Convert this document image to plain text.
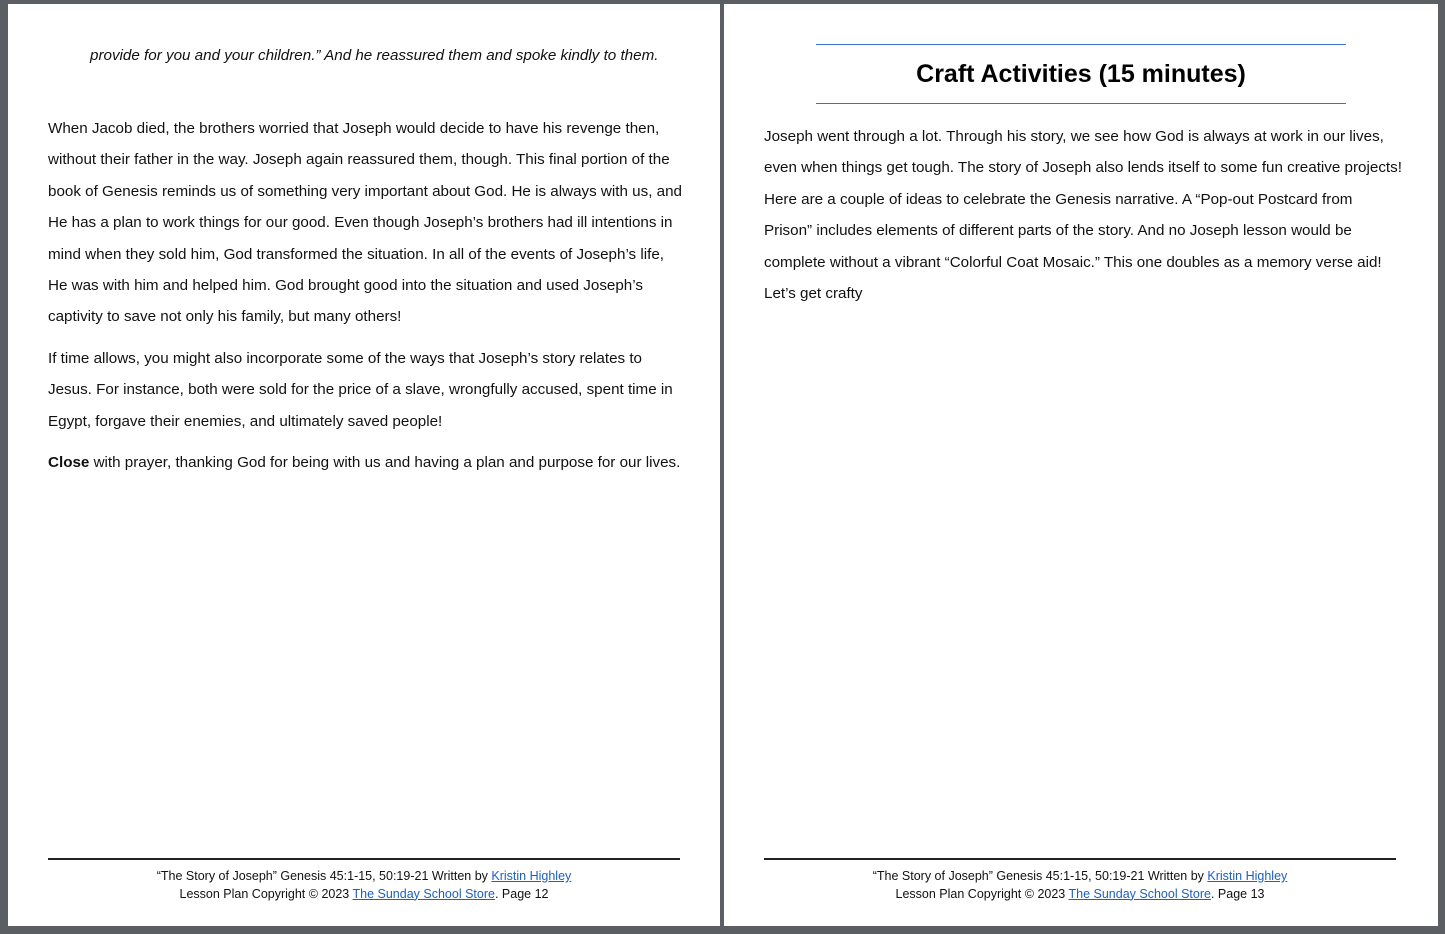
provide for you and your children.” And he reassured them and spoke kindly to them.

When Jacob died, the brothers worried that Joseph would decide to have his revenge then, without their father in the way. Joseph again reassured them, though. This final portion of the book of Genesis reminds us of something very important about God. He is always with us, and He has a plan to work things for our good. Even though Joseph’s brothers had ill intentions in mind when they sold him, God transformed the situation. In all of the events of Joseph’s life, He was with him and helped him. God brought good into the situation and used Joseph’s captivity to save not only his family, but many others!

If time allows, you might also incorporate some of the ways that Joseph’s story relates to Jesus. For instance, both were sold for the price of a slave, wrongfully accused, spent time in Egypt, forgave their enemies, and ultimately saved people!

Close with prayer, thanking God for being with us and having a plan and purpose for our lives.

“The Story of Joseph” Genesis 45:1-15, 50:19-21 Written by Kristin Highley
Lesson Plan Copyright © 2023 The Sunday School Store. Page 12
Craft Activities (15 minutes)

Joseph went through a lot. Through his story, we see how God is always at work in our lives, even when things get tough. The story of Joseph also lends itself to some fun creative projects! Here are a couple of ideas to celebrate the Genesis narrative. A “Pop-out Postcard from Prison” includes elements of different parts of the story. And no Joseph lesson would be complete without a vibrant “Colorful Coat Mosaic.” This one doubles as a memory verse aid! Let’s get crafty

“The Story of Joseph” Genesis 45:1-15, 50:19-21 Written by Kristin Highley
Lesson Plan Copyright © 2023 The Sunday School Store. Page 13
